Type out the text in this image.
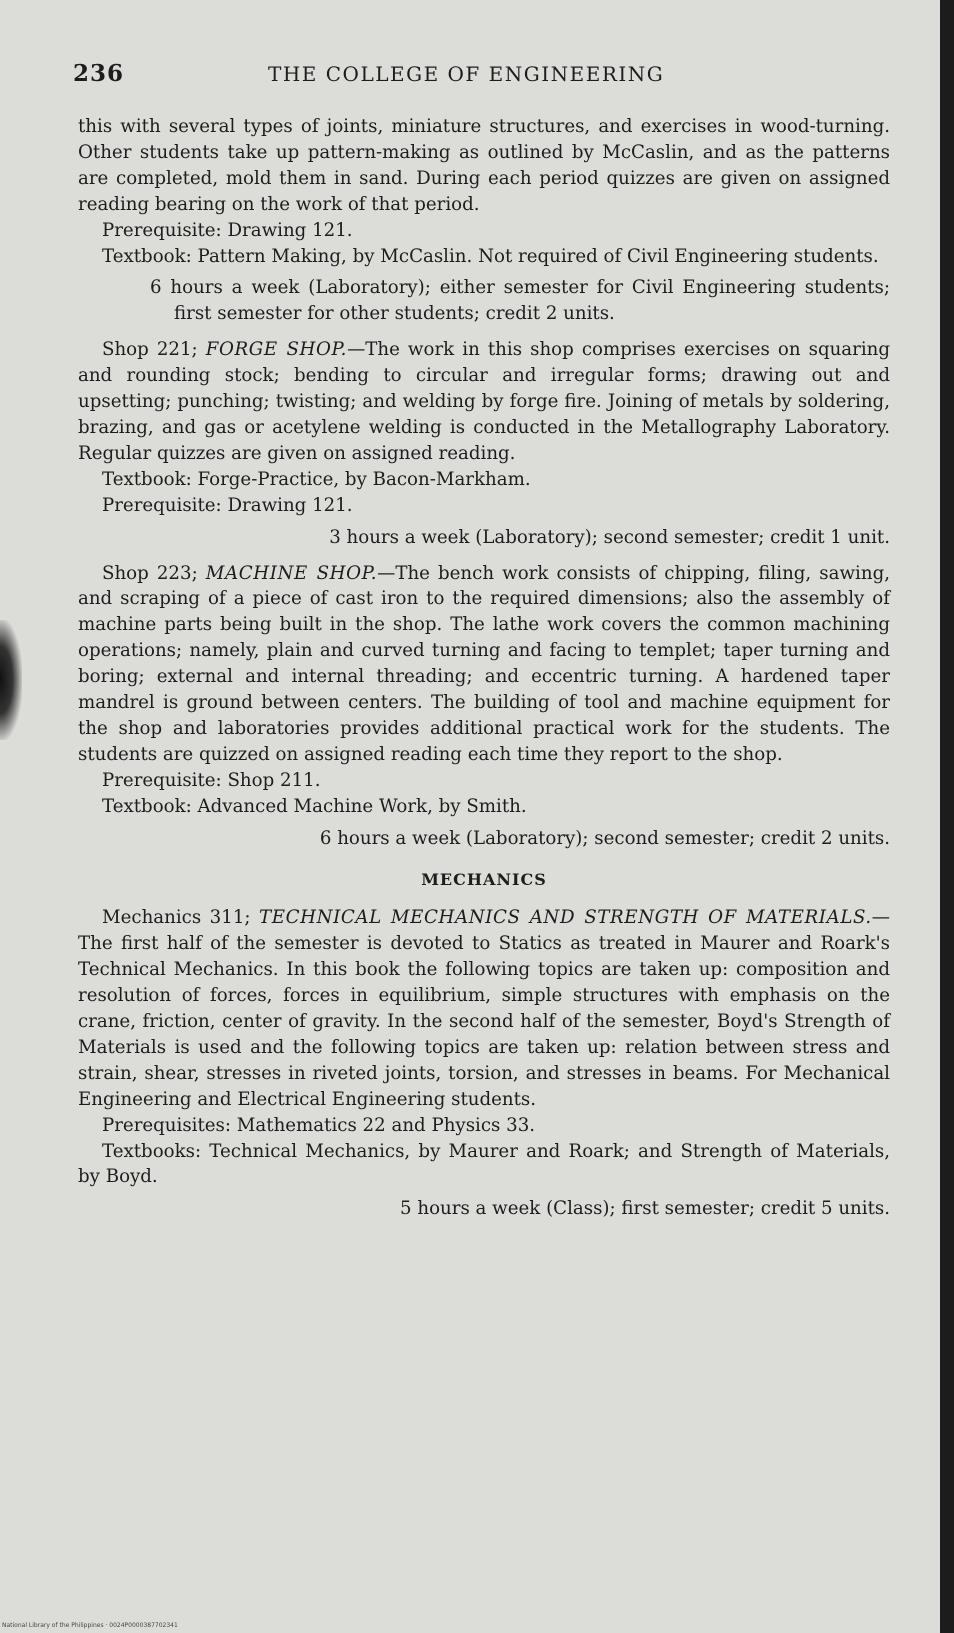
236	THE COLLEGE OF ENGINEERING

this with several types of joints, miniature structures, and exercises in wood-turning. Other students take up pattern-making as outlined by McCaslin, and as the patterns are completed, mold them in sand. During each period quizzes are given on assigned reading bearing on the work of that period.

Prerequisite: Drawing 121.

Textbook: Pattern Making, by McCaslin. Not required of Civil Engineering students.

6 hours a week (Laboratory); either semester for Civil Engineering students; first semester for other students; credit 2 units.

Shop 221; FORGE SHOP.—The work in this shop comprises exercises on squaring and rounding stock; bending to circular and irregular forms; drawing out and upsetting; punching; twisting; and welding by forge fire. Joining of metals by soldering, brazing, and gas or acetylene welding is conducted in the Metallography Laboratory. Regular quizzes are given on assigned reading.

Textbook: Forge-Practice, by Bacon-Markham.

Prerequisite: Drawing 121.

3 hours a week (Laboratory); second semester; credit 1 unit.

Shop 223; MACHINE SHOP.—The bench work consists of chipping, filing, sawing, and scraping of a piece of cast iron to the required dimensions; also the assembly of machine parts being built in the shop. The lathe work covers the common machining operations; namely, plain and curved turning and facing to templet; taper turning and boring; external and internal threading; and eccentric turning. A hardened taper mandrel is ground between centers. The building of tool and machine equipment for the shop and laboratories provides additional practical work for the students. The students are quizzed on assigned reading each time they report to the shop.

Prerequisite: Shop 211.

Textbook: Advanced Machine Work, by Smith.

6 hours a week (Laboratory); second semester; credit 2 units.

MECHANICS

Mechanics 311; TECHNICAL MECHANICS AND STRENGTH OF MATERIALS.—The first half of the semester is devoted to Statics as treated in Maurer and Roark's Technical Mechanics. In this book the following topics are taken up: composition and resolution of forces, forces in equilibrium, simple structures with emphasis on the crane, friction, center of gravity. In the second half of the semester, Boyd's Strength of Materials is used and the following topics are taken up: relation between stress and strain, shear, stresses in riveted joints, torsion, and stresses in beams. For Mechanical Engineering and Electrical Engineering students.

Prerequisites: Mathematics 22 and Physics 33.

Textbooks: Technical Mechanics, by Maurer and Roark; and Strength of Materials, by Boyd.

5 hours a week (Class); first semester; credit 5 units.

National Library of the Philippines · 0024P0000387702341
